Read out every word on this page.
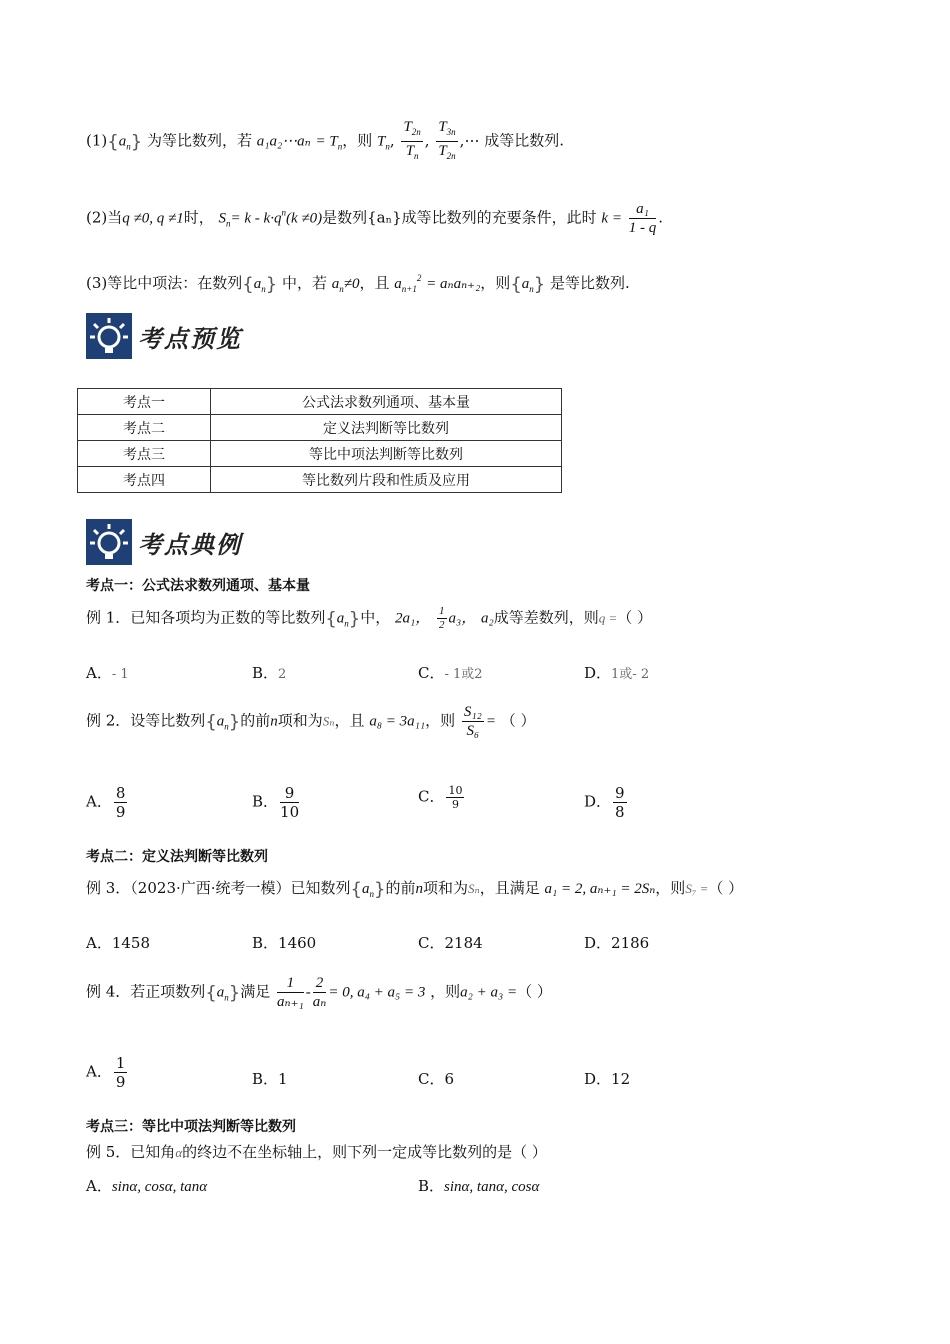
$(1)\{a_n\}$ 为等比数列，若 a₁a₂⋯aₙ = $T_n$，则 $T_n$, $\frac{T_{2n}}{T_n}$ , $\frac{T_{3n}}{T_{2n}}$ ,⋯ 成等比数列.
(2)当q ≠0, q ≠1时， $S_n= k - k\cdot q^n(k \ne 0)$是数列{aₙ}成等比数列的充要条件，此时 $k = \frac{\text{a₁}}{1 - q}$ .
(3)等比中项法：在数列$\{a_n\}$ 中，若 $a_n\ne 0$，且 $a_{n+1}^2 = a_na_{n+2}$，则$\{a_n\}$ 是等比数列.
考点预览
考点一	公式法求数列通项、基本量
考点二	定义法判断等比数列
考点三	等比中项法判断等比数列
考点四	等比数列片段和性质及应用
考点典例
考点一：公式法求数列通项、基本量
例 1．已知各项均为正数的等比数列$\{a_n\}$中， 2a₁， $\frac{1}{2} a_3$， a₂成等差数列，则q =（ ）
A．- 1	B．2	C．- 1或2	D．1或- 2
例 2．设等比数列$\{a_n\}$的前n项和为Sₙ，且 a₈ = 3a₁₁，则 $\frac{\text{S₁₂}}{\text{S₆}}$ = （ ）
A． $\frac{8}{9}$	B． $\frac{9}{10}$	C． $\frac{10}{9}$	D． $\frac{9}{8}$
考点二：定义法判断等比数列
例 3．（2023·广西·统考一模）已知数列$\{a_n\}$的前n项和为Sₙ，且满足 a₁ = 2, aₙ₊₁ = 2Sₙ，则S₇ =（ ）
A．1458	B．1460	C．2184	D．2186
例 4．若正项数列$\{a_n\}$满足 $\frac{1}{\text{aₙ₊₁}} - \frac{2}{\text{aₙ}} = 0$, a₄ + a₅ = 3 ，则a₂ + a₃ =（ ）
A． $\frac{1}{9}$	B．1	C．6	D．12
考点三：等比中项法判断等比数列
例 5．已知角α的终边不在坐标轴上，则下列一定成等比数列的是（ ）
A．sinα, cosα, tanα	B．sinα, tanα, cosα
